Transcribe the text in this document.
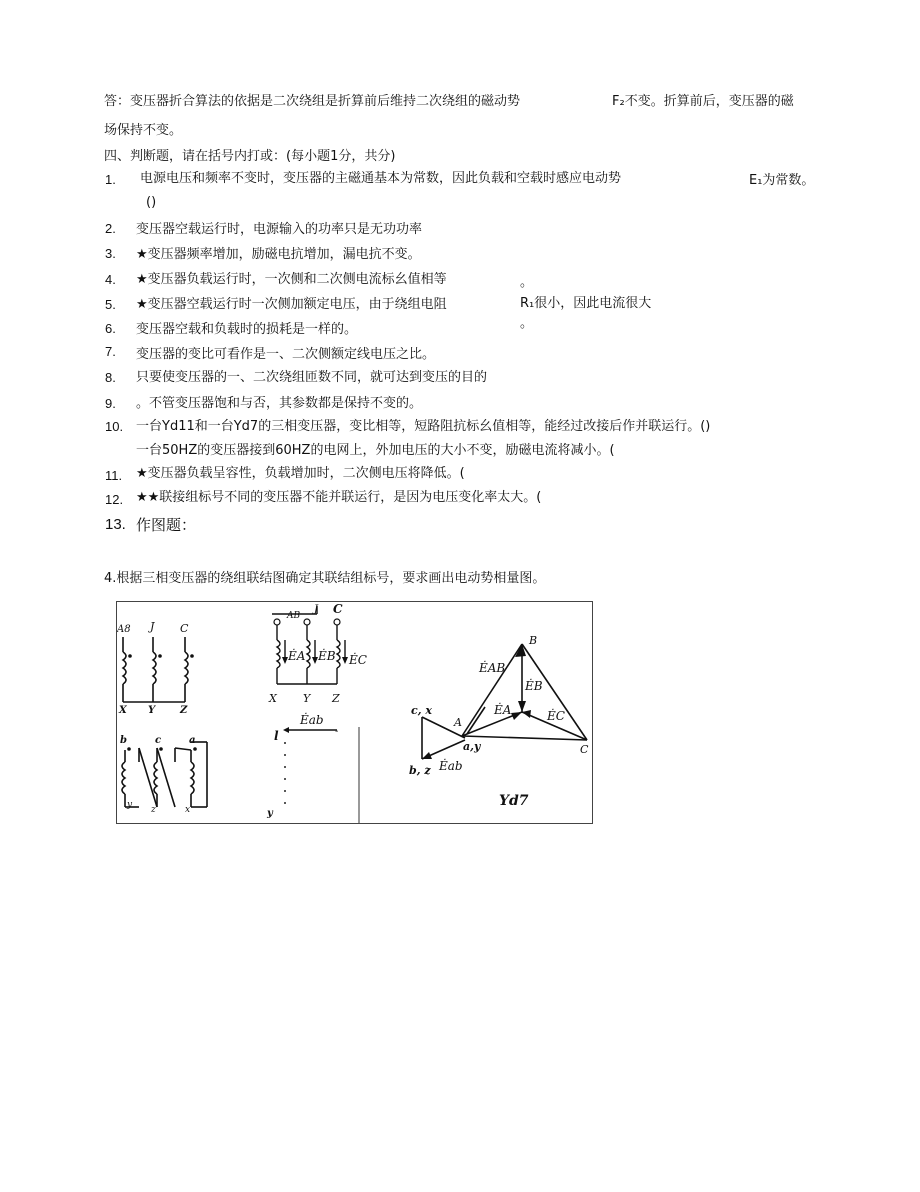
答：变压器折合算法的依据是二次绕组是折算前后维持二次绕组的磁动势	F₂不变。折算前后，变压器的磁
场保持不变。
四、判断题，请在括号内打或：(每小题1分，共分)
1. 电源电压和频率不变时，变压器的主磁通基本为常数，因此负载和空载时感应电动势	E₁为常数。
()
2. 变压器空载运行时，电源输入的功率只是无功功率
3. ★变压器频率增加，励磁电抗增加，漏电抗不变。
4. ★变压器负载运行时，一次侧和二次侧电流标幺值相等	。
5. ★变压器空载运行时一次侧加额定电压，由于绕组电阻	R₁很小，因此电流很大
。
6. 变压器空载和负载时的损耗是一样的。
7. 变压器的变比可看作是一、二次侧额定线电压之比。
8. 只要使变压器的一、二次绕组匝数不同，就可达到变压的目的
9. 。不管变压器饱和与否，其参数都是保持不变的。
10. 一台Yd11和一台Yd7的三相变压器，变比相等，短路阻抗标幺值相等，能经过改接后作并联运行。()
一台50HZ的变压器接到60HZ的电网上，外加电压的大小不变，励磁电流将减小。(
11. ★变压器负载呈容性，负载增加时，二次侧电压将降低。(
12. ★★联接组标号不同的变压器不能并联运行，是因为电压变化率太大。(
13. 作图题：
4.根据三相变压器的绕组联结图确定其联结组标号，要求画出电动势相量图。
A8 J C
X Y Z
b	c	a
y z	x
AB
J C
X Y Z
ĖA ĖB ĖC
Ėab
l	-
y
B
A
C
ĖAB
ĖB
ĖA	ĖC
c, x
a,y
b, z Ėab
Yd7
